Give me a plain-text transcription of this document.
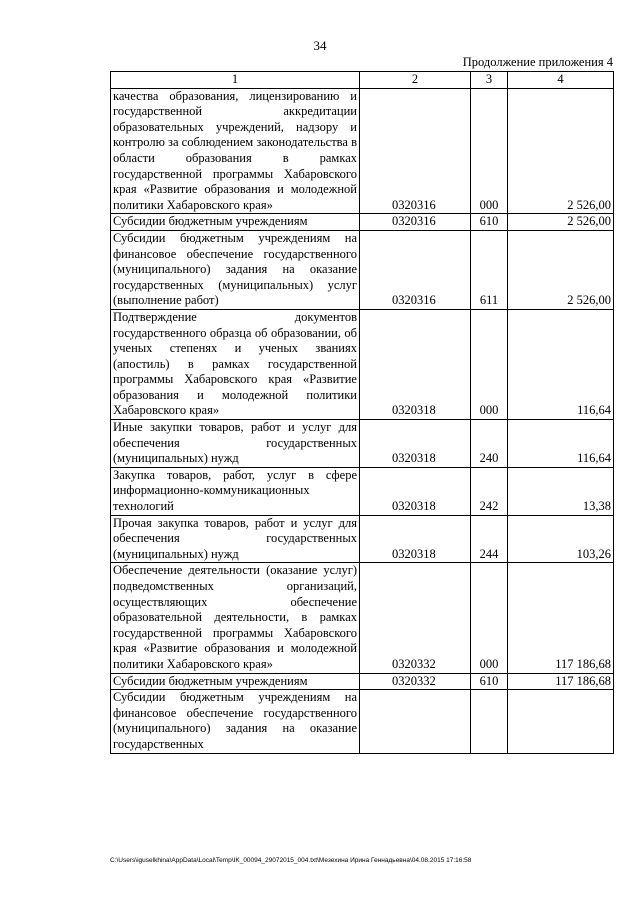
34
Продолжение приложения 4
1	2	3	4
качества образования, лицензированию и государственной аккредитации образовательных учреждений, надзору и контролю за соблюдением законодательства в области образования в рамках государственной программы Хабаровского края «Развитие образования и молодежной политики Хабаровского края»	0320316	000	2 526,00
Субсидии бюджетным учреждениям	0320316	610	2 526,00
Субсидии бюджетным учреждениям на финансовое обеспечение государственного (муниципального) задания на оказание государственных (муниципальных) услуг (выполнение работ)	0320316	611	2 526,00
Подтверждение документов государственного образца об образовании, об ученых степенях и ученых званиях (апостиль) в рамках государственной программы Хабаровского края «Развитие образования и молодежной политики Хабаровского края»	0320318	000	116,64
Иные закупки товаров, работ и услуг для обеспечения государственных (муниципальных) нужд	0320318	240	116,64
Закупка товаров, работ, услуг в сфере информационно-коммуникационных технологий	0320318	242	13,38
Прочая закупка товаров, работ и услуг для обеспечения государственных (муниципальных) нужд	0320318	244	103,26
Обеспечение деятельности (оказание услуг) подведомственных организаций, осуществляющих обеспечение образовательной деятельности, в рамках государственной программы Хабаровского края «Развитие образования и молодежной политики Хабаровского края»	0320332	000	117 186,68
Субсидии бюджетным учреждениям	0320332	610	117 186,68
Субсидии бюджетным учреждениям на финансовое обеспечение государственного (муниципального) задания на оказание государственных			
C:\Users\iguselkhina\AppData\Local\Temp\IK_00094_29072015_004.txt\Мезехина Ирина Геннадьевна\04.08.2015 17:16:58
